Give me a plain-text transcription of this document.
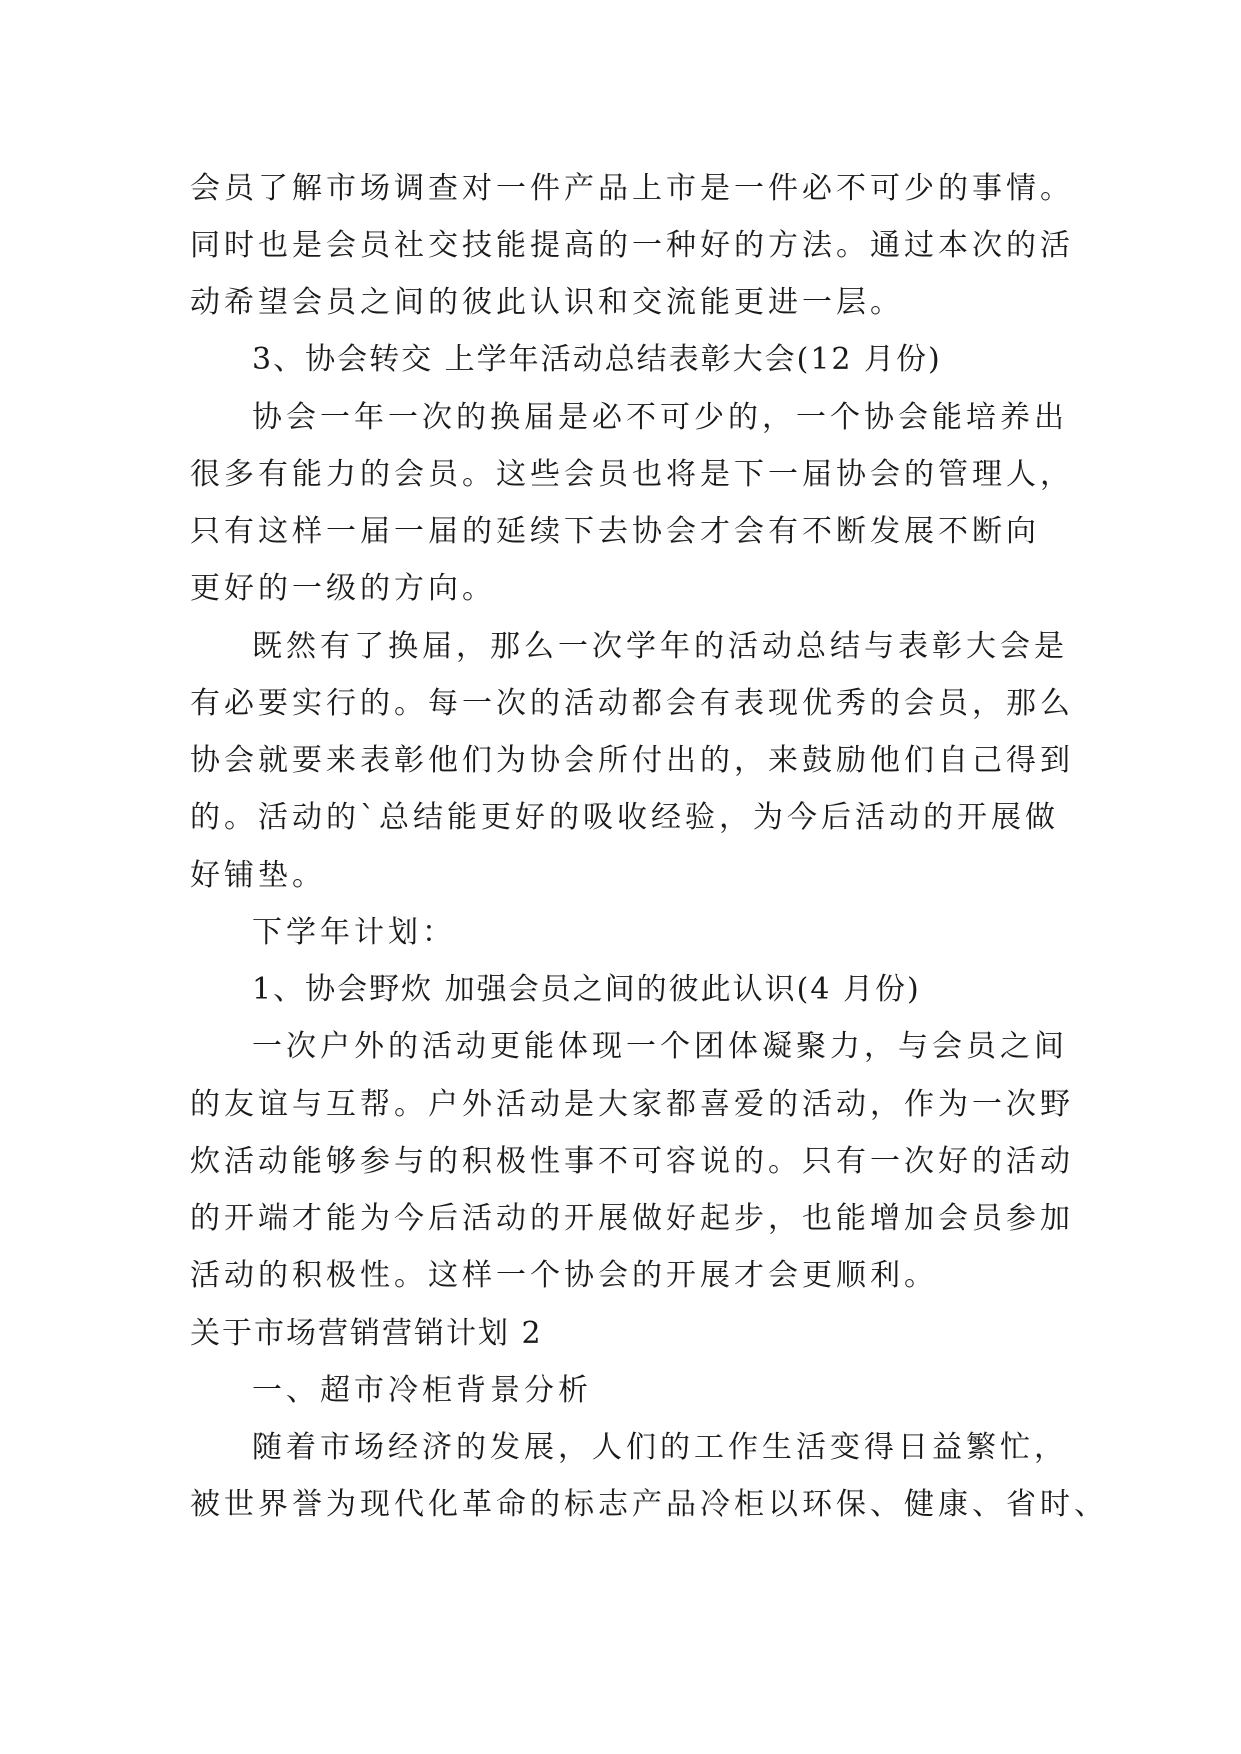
会员了解市场调查对一件产品上市是一件必不可少的事情。
同时也是会员社交技能提高的一种好的方法。通过本次的活
动希望会员之间的彼此认识和交流能更进一层。
3、协会转交 上学年活动总结表彰大会(12 月份)
协会一年一次的换届是必不可少的，一个协会能培养出
很多有能力的会员。这些会员也将是下一届协会的管理人，
只有这样一届一届的延续下去协会才会有不断发展不断向
更好的一级的方向。
既然有了换届，那么一次学年的活动总结与表彰大会是
有必要实行的。每一次的活动都会有表现优秀的会员，那么
协会就要来表彰他们为协会所付出的，来鼓励他们自己得到
的。活动的`总结能更好的吸收经验，为今后活动的开展做
好铺垫。
下学年计划：
1、协会野炊 加强会员之间的彼此认识(4 月份)
一次户外的活动更能体现一个团体凝聚力，与会员之间
的友谊与互帮。户外活动是大家都喜爱的活动，作为一次野
炊活动能够参与的积极性事不可容说的。只有一次好的活动
的开端才能为今后活动的开展做好起步，也能增加会员参加
活动的积极性。这样一个协会的开展才会更顺利。
关于市场营销营销计划 2
一、超市冷柜背景分析
随着市场经济的发展，人们的工作生活变得日益繁忙，
被世界誉为现代化革命的标志产品冷柜以环保、健康、省时、
